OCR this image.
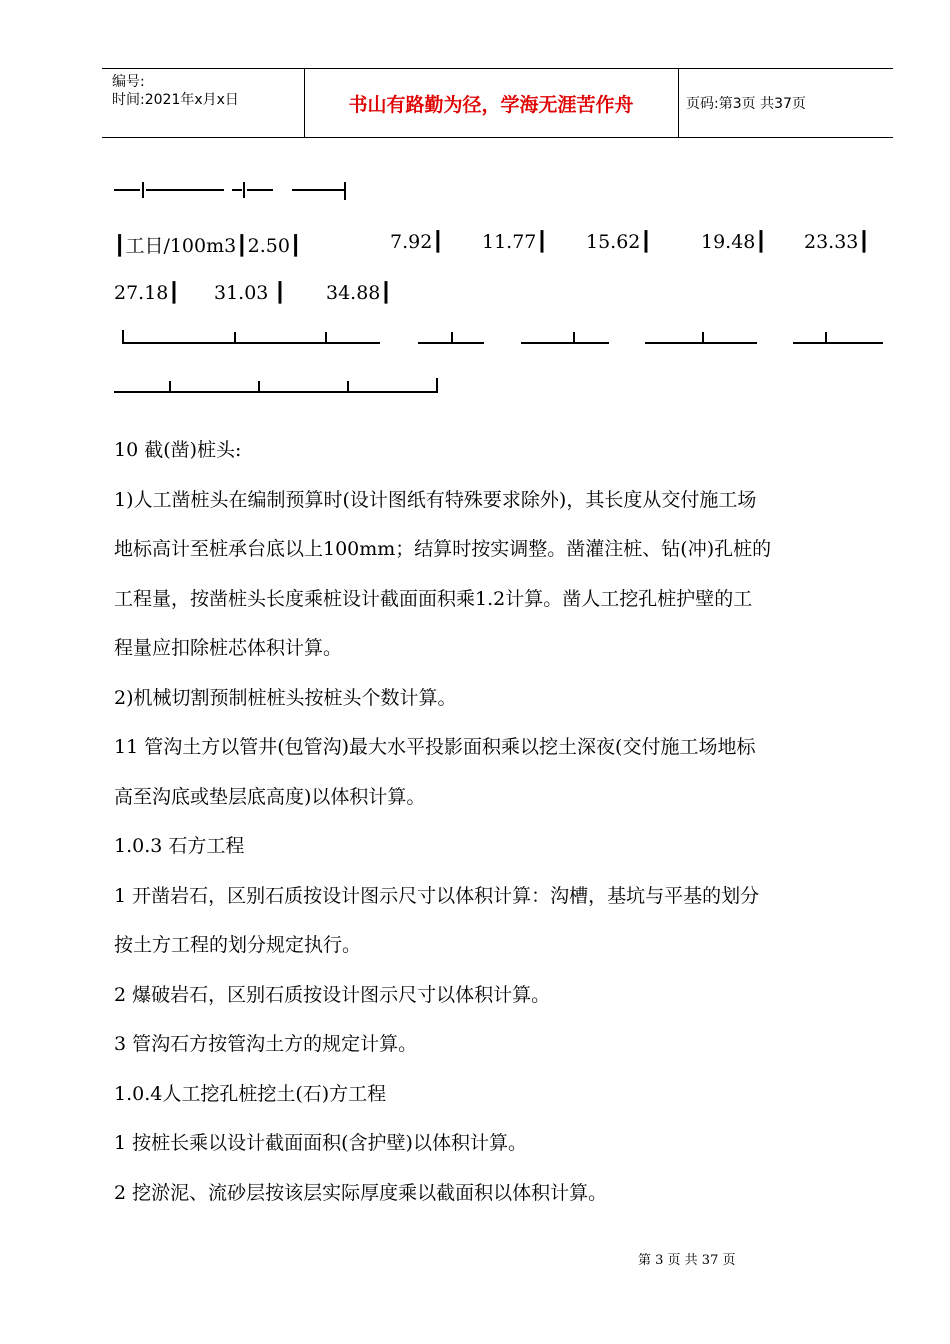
编号:
时间:2021年x月x日	书山有路勤为径，学海无涯苦作舟	页码:第3页 共37页
┃工日/100m3┃2.50┃	7.92┃ 11.77┃ 15.62┃	19.48┃ 23.33┃
27.18┃ 31.03 ┃ 34.88┃

10 截(凿)桩头:

1)人工凿桩头在编制预算时(设计图纸有特殊要求除外)，其长度从交付施工场

地标高计至桩承台底以上100mm；结算时按实调整。凿灌注桩、钻(冲)孔桩的

工程量，按凿桩头长度乘桩设计截面面积乘1.2计算。凿人工挖孔桩护壁的工

程量应扣除桩芯体积计算。

2)机械切割预制桩桩头按桩头个数计算。

11 管沟土方以管井(包管沟)最大水平投影面积乘以挖土深夜(交付施工场地标

高至沟底或垫层底高度)以体积计算。

1.0.3 石方工程

1 开凿岩石，区别石质按设计图示尺寸以体积计算：沟槽，基坑与平基的划分

按土方工程的划分规定执行。

2 爆破岩石，区别石质按设计图示尺寸以体积计算。

3 管沟石方按管沟土方的规定计算。

1.0.4人工挖孔桩挖土(石)方工程

1 按桩长乘以设计截面面积(含护壁)以体积计算。

2 挖淤泥、流砂层按该层实际厚度乘以截面积以体积计算。

第 3 页 共 37 页
